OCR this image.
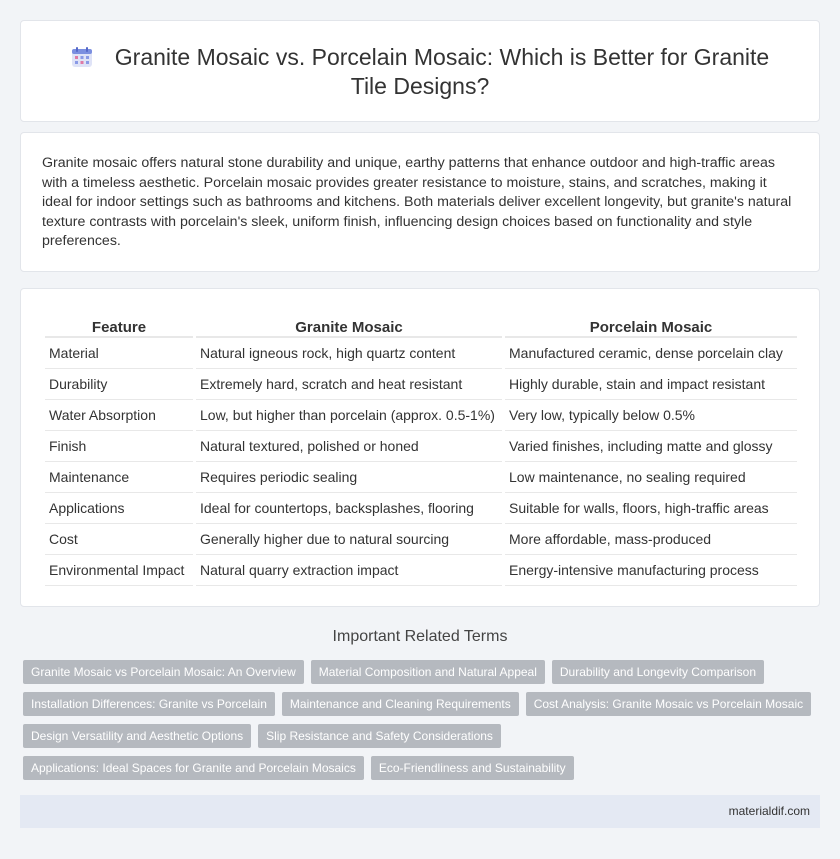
Granite Mosaic vs. Porcelain Mosaic: Which is Better for Granite Tile Designs?

Granite mosaic offers natural stone durability and unique, earthy patterns that enhance outdoor and high-traffic areas with a timeless aesthetic. Porcelain mosaic provides greater resistance to moisture, stains, and scratches, making it ideal for indoor settings such as bathrooms and kitchens. Both materials deliver excellent longevity, but granite's natural texture contrasts with porcelain's sleek, uniform finish, influencing design choices based on functionality and style preferences.

Feature	Granite Mosaic	Porcelain Mosaic
Material	Natural igneous rock, high quartz content	Manufactured ceramic, dense porcelain clay
Durability	Extremely hard, scratch and heat resistant	Highly durable, stain and impact resistant
Water Absorption	Low, but higher than porcelain (approx. 0.5-1%)	Very low, typically below 0.5%
Finish	Natural textured, polished or honed	Varied finishes, including matte and glossy
Maintenance	Requires periodic sealing	Low maintenance, no sealing required
Applications	Ideal for countertops, backsplashes, flooring	Suitable for walls, floors, high-traffic areas
Cost	Generally higher due to natural sourcing	More affordable, mass-produced
Environmental Impact	Natural quarry extraction impact	Energy-intensive manufacturing process
Important Related Terms
Granite Mosaic vs Porcelain Mosaic: An Overview	Material Composition and Natural Appeal	Durability and Longevity Comparison
Installation Differences: Granite vs Porcelain	Maintenance and Cleaning Requirements	Cost Analysis: Granite Mosaic vs Porcelain Mosaic
Design Versatility and Aesthetic Options	Slip Resistance and Safety Considerations
Applications: Ideal Spaces for Granite and Porcelain Mosaics	Eco-Friendliness and Sustainability
materialdif.com
